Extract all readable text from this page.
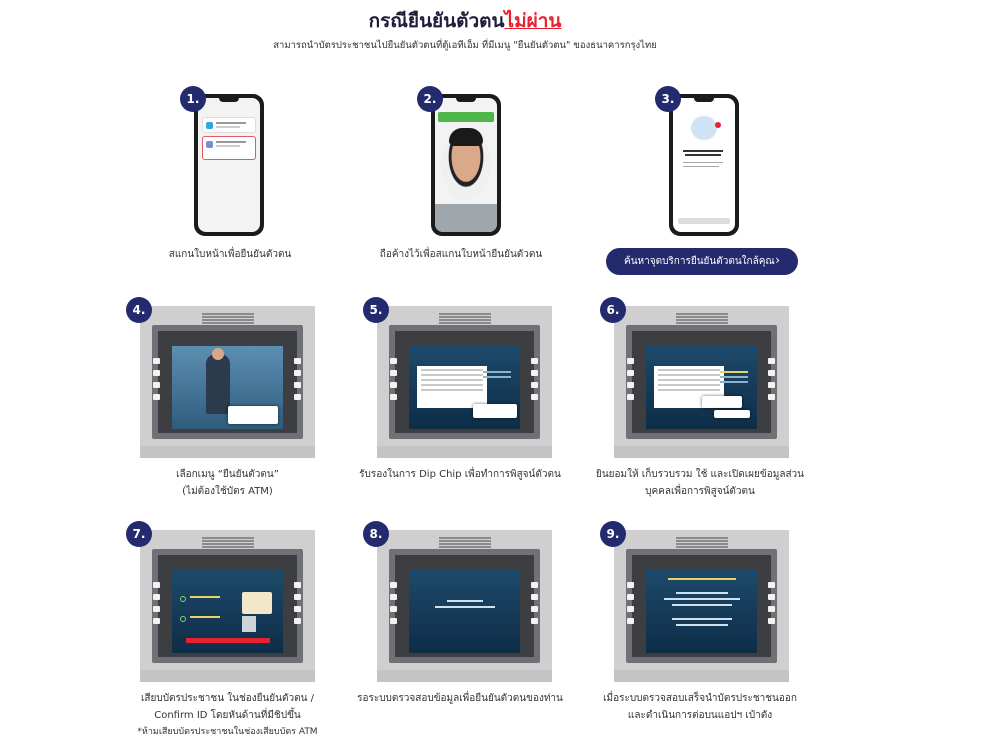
กรณียืนยันตัวตนไม่ผ่าน
สามารถนำบัตรประชาชนไปยืนยันตัวตนที่ตู้เอทีเอ็ม ที่มีเมนู "ยืนยันตัวตน" ของธนาคารกรุงไทย
1.
สแกนใบหน้าเพื่อยืนยันตัวตน
2.
ถือค้างไว้เพื่อสแกนใบหน้ายืนยันตัวตน
3.
ค้นหาจุดบริการยืนยันตัวตนใกล้คุณ ›
4.
เลือกเมนู “ยืนยันตัวตน”
(ไม่ต้องใช้บัตร ATM)
5.

รับรองในการ Dip Chip เพื่อทำการพิสูจน์ตัวตน
6.

ยินยอมให้ เก็บรวบรวม ใช้ และเปิดเผยข้อมูลส่วน
บุคคลเพื่อการพิสูจน์ตัวตน
7.

เสียบบัตรประชาชน ในช่องยืนยันตัวตน /
Confirm ID โดยหันด้านที่มีชิปขึ้น
*ห้ามเสียบบัตรประชาชนในช่องเสียบบัตร ATM
8.
รอระบบตรวจสอบข้อมูลเพื่อยืนยันตัวตนของท่าน
9.
เมื่อระบบตรวจสอบเสร็จนำบัตรประชาชนออก
และดำเนินการต่อบนแอปฯ เป๋าตัง
